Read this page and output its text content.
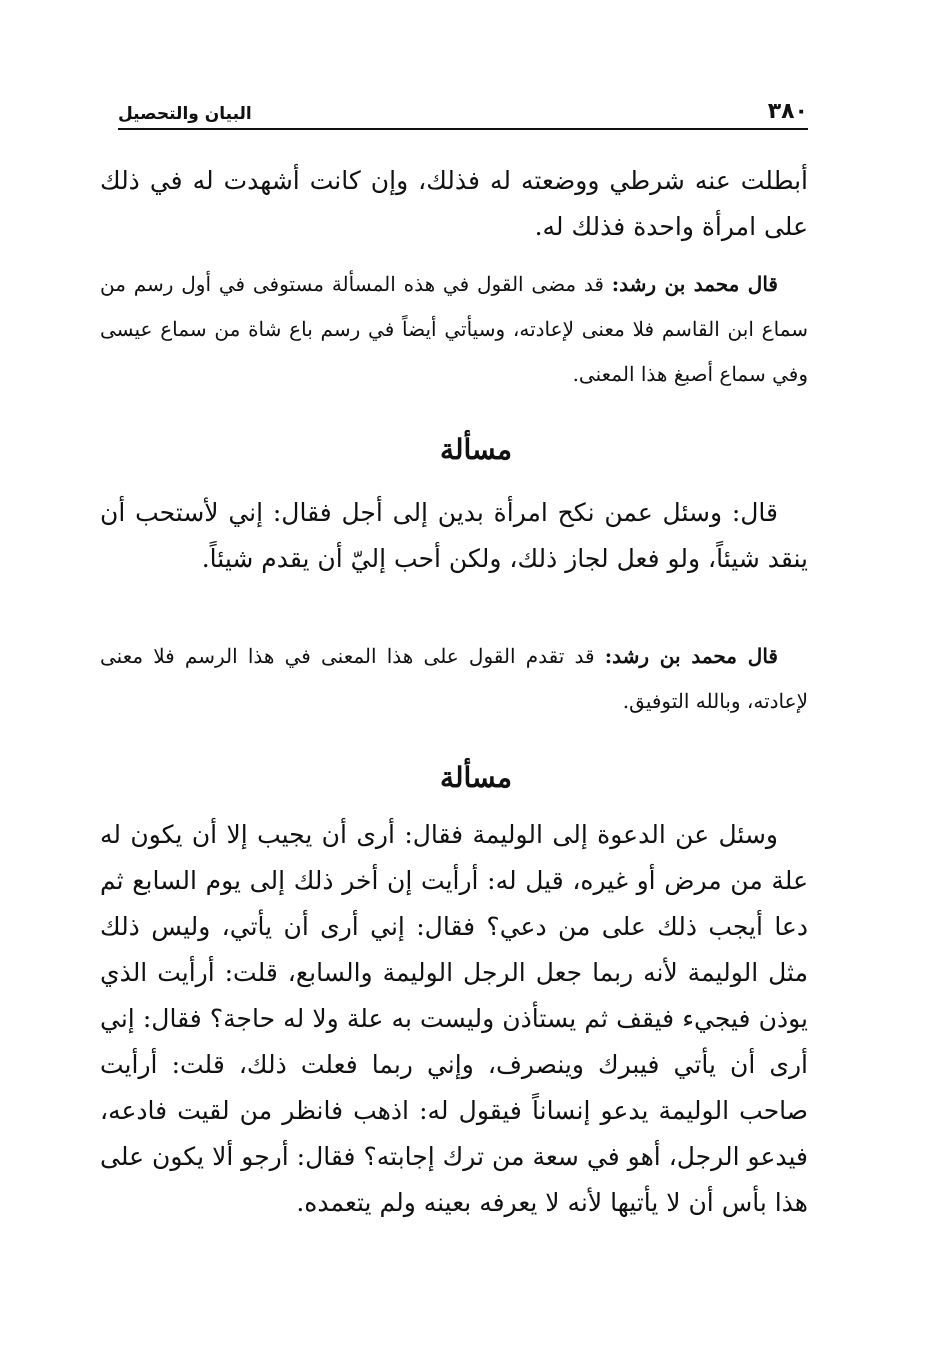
٣٨٠
البيان والتحصيل

أبطلت عنه شرطي ووضعته له فذلك، وإن كانت أشهدت له في ذلك على امرأة واحدة فذلك له.

قال محمد بن رشد: قد مضى القول في هذه المسألة مستوفى في أول رسم من سماع ابن القاسم فلا معنى لإعادته، وسيأتي أيضاً في رسم باع شاة من سماع عيسى وفي سماع أصبغ هذا المعنى.

مسألة

قال: وسئل عمن نكح امرأة بدين إلى أجل فقال: إني لأستحب أن ينقد شيئاً، ولو فعل لجاز ذلك، ولكن أحب إليّ أن يقدم شيئاً.

قال محمد بن رشد: قد تقدم القول على هذا المعنى في هذا الرسم فلا معنى لإعادته، وبالله التوفيق.

مسألة

وسئل عن الدعوة إلى الوليمة فقال: أرى أن يجيب إلا أن يكون له علة من مرض أو غيره، قيل له: أرأيت إن أخر ذلك إلى يوم السابع ثم دعا أيجب ذلك على من دعي؟ فقال: إني أرى أن يأتي، وليس ذلك مثل الوليمة لأنه ربما جعل الرجل الوليمة والسابع، قلت: أرأيت الذي يوذن فيجيء فيقف ثم يستأذن وليست به علة ولا له حاجة؟ فقال: إني أرى أن يأتي فيبرك وينصرف، وإني ربما فعلت ذلك، قلت: أرأيت صاحب الوليمة يدعو إنساناً فيقول له: اذهب فانظر من لقيت فادعه، فيدعو الرجل، أهو في سعة من ترك إجابته؟ فقال: أرجو ألا يكون على هذا بأس أن لا يأتيها لأنه لا يعرفه بعينه ولم يتعمده.
